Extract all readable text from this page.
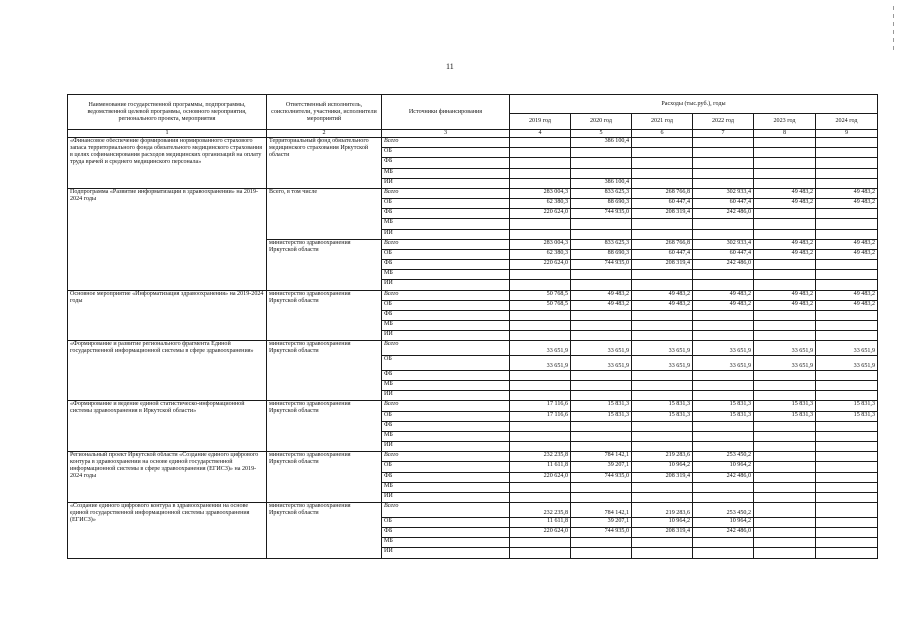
11
Наименование государственной программы, подпрограммы, ведомственной целевой программы, основного мероприятия, регионального проекта, мероприятия	Ответственный исполнитель, соисполнители, участники, исполнители мероприятий	Источники финансирования	Расходы (тыс.руб.), годы					
			2019 год	2020 год	2021 год	2022 год	2023 год	2024 год
1	2	3	4	5	6	7	8	9
«Финансовое обеспечение формирования нормированного страхового запаса территориального фонда обязательного медицинского страхования в целях софинансирования расходов медицинских организаций на оплату труда врачей и среднего медицинского персонала»	Территориальный фонд обязательного медицинского страхования Иркутской области	Всего		386 100,4				
		ОБ						
		ФБ						
		МБ						
		ИИ		386 100,4				
Подпрограмма «Развитие информатизации в здравоохранении» на 2019-2024 годы	Всего, в том числе	Всего	283 004,3	833 625,3	268 766,8	302 933,4	49 483,2	49 483,2
		ОБ	62 380,3	88 690,3	60 447,4	60 447,4	49 483,2	49 483,2
		ФБ	220 624,0	744 935,0	208 319,4	242 486,0		
		МБ						
		ИИ						
	министерство здравоохранения Иркутской области	Всего	283 004,3	833 625,3	268 766,8	302 933,4	49 483,2	49 483,2
		ОБ	62 380,3	88 690,3	60 447,4	60 447,4	49 483,2	49 483,2
		ФБ	220 624,0	744 935,0	208 319,4	242 486,0		
		МБ						
		ИИ						
Основное мероприятие «Информатизация здравоохранения» на 2019-2024 годы	министерство здравоохранения Иркутской области	Всего	50 768,5	49 483,2	49 483,2	49 483,2	49 483,2	49 483,2
		ОБ	50 768,5	49 483,2	49 483,2	49 483,2	49 483,2	49 483,2
		ФБ						
		МБ						
		ИИ						
«Формирование и развитие регионального фрагмента Единой государственной информационной системы в сфере здравоохранения»	министерство здравоохранения Иркутской области	Всего	33 651,9	33 651,9	33 651,9	33 651,9	33 651,9	33 651,9
		ОБ	33 651,9	33 651,9	33 651,9	33 651,9	33 651,9	33 651,9
		ФБ						
		МБ						
		ИИ						
«Формирование и ведение единой статистическо-информационной системы здравоохранения в Иркутской области»	министерство здравоохранения Иркутской области	Всего	17 116,6	15 831,3	15 831,3	15 831,3	15 831,3	15 831,3
		ОБ	17 116,6	15 831,3	15 831,3	15 831,3	15 831,3	15 831,3
		ФБ						
		МБ						
		ИИ						
Региональный проект Иркутской области «Создание единого цифрового контура в здравоохранении на основе единой государственной информационной системы в сфере здравоохранения (ЕГИСЗ)» на 2019-2024 годы	министерство здравоохранения Иркутской области	Всего	232 235,8	784 142,1	219 283,6	253 450,2		
		ОБ	11 611,8	39 207,1	10 964,2	10 964,2		
		ФБ	220 624,0	744 935,0	208 319,4	242 486,0		
		МБ						
		ИИ						
«Создание единого цифрового контура в здравоохранении на основе единой государственной информационной системы здравоохранения (ЕГИСЗ)»	министерство здравоохранения Иркутской области	Всего	232 235,8	784 142,1	219 283,6	253 450,2		
		ОБ	11 611,8	39 207,1	10 964,2	10 964,2		
		ФБ	220 624,0	744 935,0	208 319,4	242 486,0		
		МБ						
		ИИ						
